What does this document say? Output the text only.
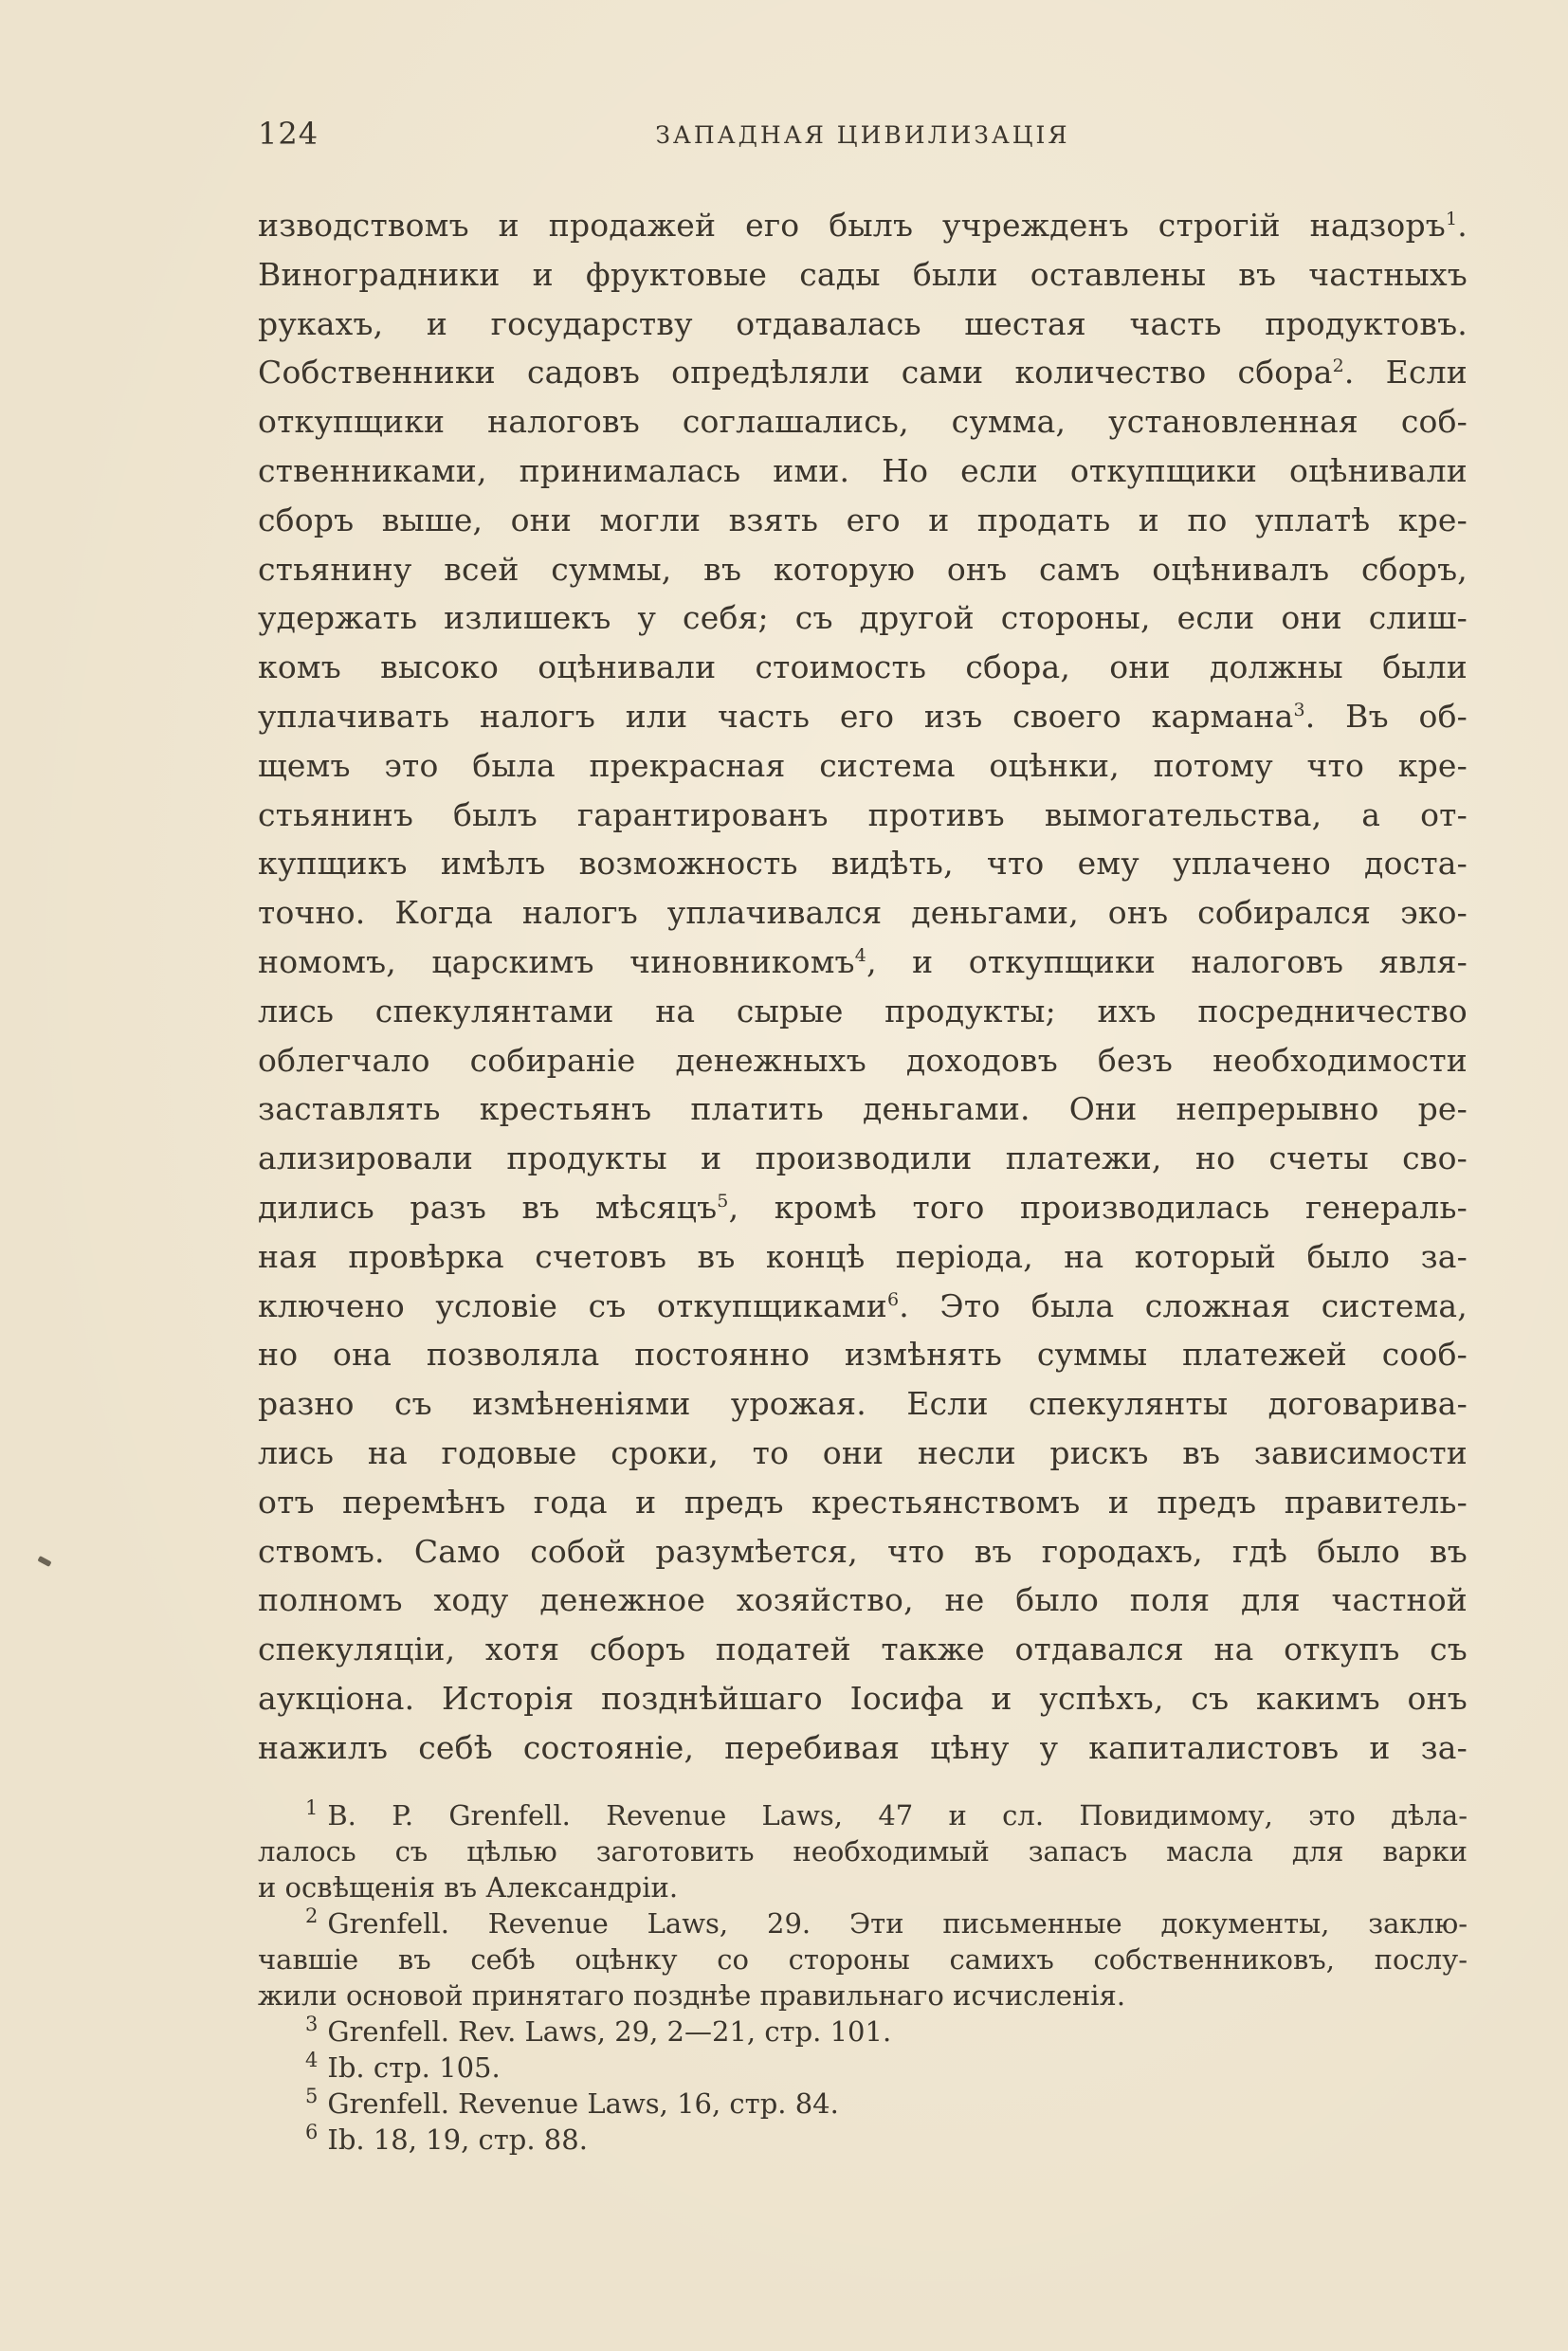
124	ЗАПАДНАЯ ЦИВИЛИЗАЦІЯ
изводствомъ и продажей его былъ учрежденъ строгій надзоръ$^1$.
Виноградники и фруктовые сады были оставлены въ частныхъ
рукахъ, и государству отдавалась шестая часть продуктовъ.
Собственники садовъ опредѣляли сами количество сбора$^2$. Если
откупщики налоговъ соглашались, сумма, установленная соб-
ственниками, принималась ими. Но если откупщики оцѣнивали
сборъ выше, они могли взять его и продать и по уплатѣ кре-
стьянину всей суммы, въ которую онъ самъ оцѣнивалъ сборъ,
удержать излишекъ у себя; съ другой стороны, если они слиш-
комъ высоко оцѣнивали стоимость сбора, они должны были
уплачивать налогъ или часть его изъ своего кармана$^3$. Въ об-
щемъ это была прекрасная система оцѣнки, потому что кре-
стьянинъ былъ гарантированъ противъ вымогательства, а от-
купщикъ имѣлъ возможность видѣть, что ему уплачено доста-
точно. Когда налогъ уплачивался деньгами, онъ собирался эко-
номомъ, царскимъ чиновникомъ$^4$, и откупщики налоговъ явля-
лись спекулянтами на сырые продукты; ихъ посредничество
облегчало собираніе денежныхъ доходовъ безъ необходимости
заставлять крестьянъ платить деньгами. Они непрерывно ре-
ализировали продукты и производили платежи, но счеты сво-
дились разъ въ мѣсяцъ$^5$, кромѣ того производилась генераль-
ная провѣрка счетовъ въ концѣ періода, на который было за-
ключено условіе съ откупщиками$^6$. Это была сложная система,
но она позволяла постоянно измѣнять суммы платежей сооб-
разно съ измѣненіями урожая. Если спекулянты договарива-
лись на годовые сроки, то они несли рискъ въ зависимости
отъ перемѣнъ года и предъ крестьянствомъ и предъ правитель-
ствомъ. Само собой разумѣется, что въ городахъ, гдѣ было въ
полномъ ходу денежное хозяйство, не было поля для частной
спекуляціи, хотя сборъ податей также отдавался на откупъ съ
аукціона. Исторія позднѣйшаго Іосифа и успѣхъ, съ какимъ онъ
нажилъ себѣ состояніе, перебивая цѣну у капиталистовъ и за-
$^1$ B. P. Grenfell. Revenue Laws, 47 и сл. Повидимому, это дѣла-
лалось съ цѣлью заготовить необходимый запасъ масла для варки
и освѣщенія въ Александріи.
$^2$ Grenfell. Revenue Laws, 29. Эти письменные документы, заклю-
чавшіе въ себѣ оцѣнку со стороны самихъ собственниковъ, послу-
жили основой принятаго позднѣе правильнаго исчисленія.
$^3$ Grenfell. Rev. Laws, 29, 2—21, стр. 101.
$^4$ Ib. стр. 105.
$^5$ Grenfell. Revenue Laws, 16, стр. 84.
$^6$ Ib. 18, 19, стр. 88.
